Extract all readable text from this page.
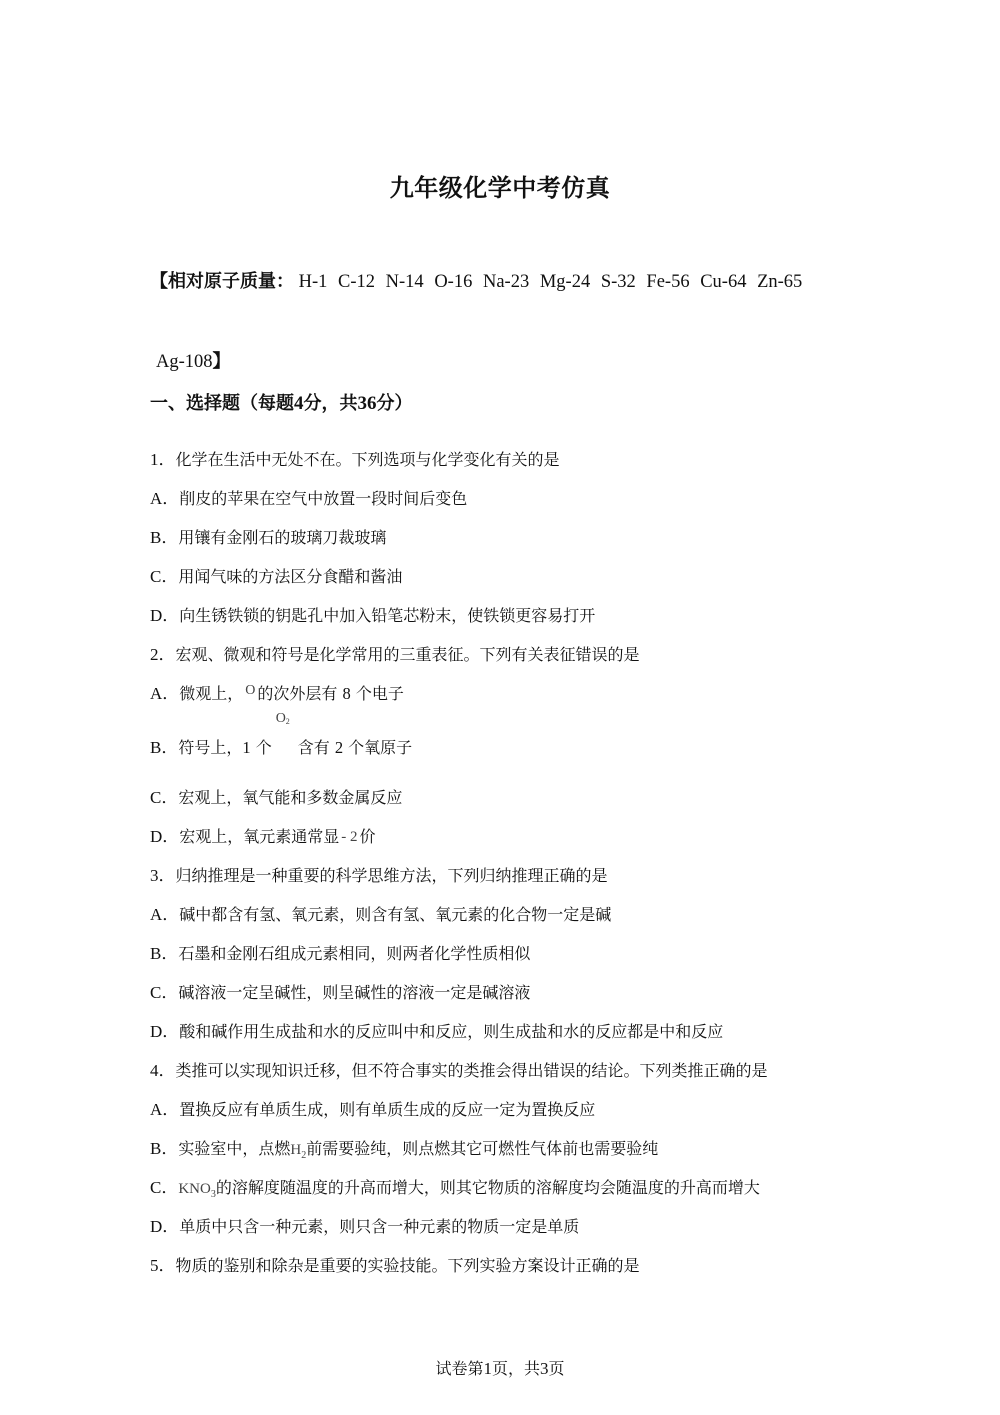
九年级化学中考仿真
【相对原子质量： H-1 C-12 N-14 O-16 Na-23 Mg-24 S-32 Fe-56 Cu-64 Zn-65
Ag-108】
一、选择题（每题4分，共36分）
1．化学在生活中无处不在。下列选项与化学变化有关的是
A．削皮的苹果在空气中放置一段时间后变色
B．用镶有金刚石的玻璃刀裁玻璃
C．用闻气味的方法区分食醋和酱油
D．向生锈铁锁的钥匙孔中加入铅笔芯粉末，使铁锁更容易打开
2．宏观、微观和符号是化学常用的三重表征。下列有关表征错误的是
A．微观上， O 的次外层有 8 个电子
B．符号上，1 个
O 2
含有 2 个氧原子
C．宏观上，氧气能和多数金属反应
D．宏观上，氧元素通常显 - 2 价
3．归纳推理是一种重要的科学思维方法，下列归纳推理正确的是
A．碱中都含有氢、氧元素，则含有氢、氧元素的化合物一定是碱
B．石墨和金刚石组成元素相同，则两者化学性质相似
C．碱溶液一定呈碱性，则呈碱性的溶液一定是碱溶液
D．酸和碱作用生成盐和水的反应叫中和反应，则生成盐和水的反应都是中和反应
4．类推可以实现知识迁移，但不符合事实的类推会得出错误的结论。下列类推正确的是
A．置换反应有单质生成，则有单质生成的反应一定为置换反应
B．实验室中，点燃$H_2$前需要验纯，则点燃其它可燃性气体前也需要验纯
C．$KNO_3$的溶解度随温度的升高而增大，则其它物质的溶解度均会随温度的升高而增大
D．单质中只含一种元素，则只含一种元素的物质一定是单质
5．物质的鉴别和除杂是重要的实验技能。下列实验方案设计正确的是
试卷第1页，共3页
